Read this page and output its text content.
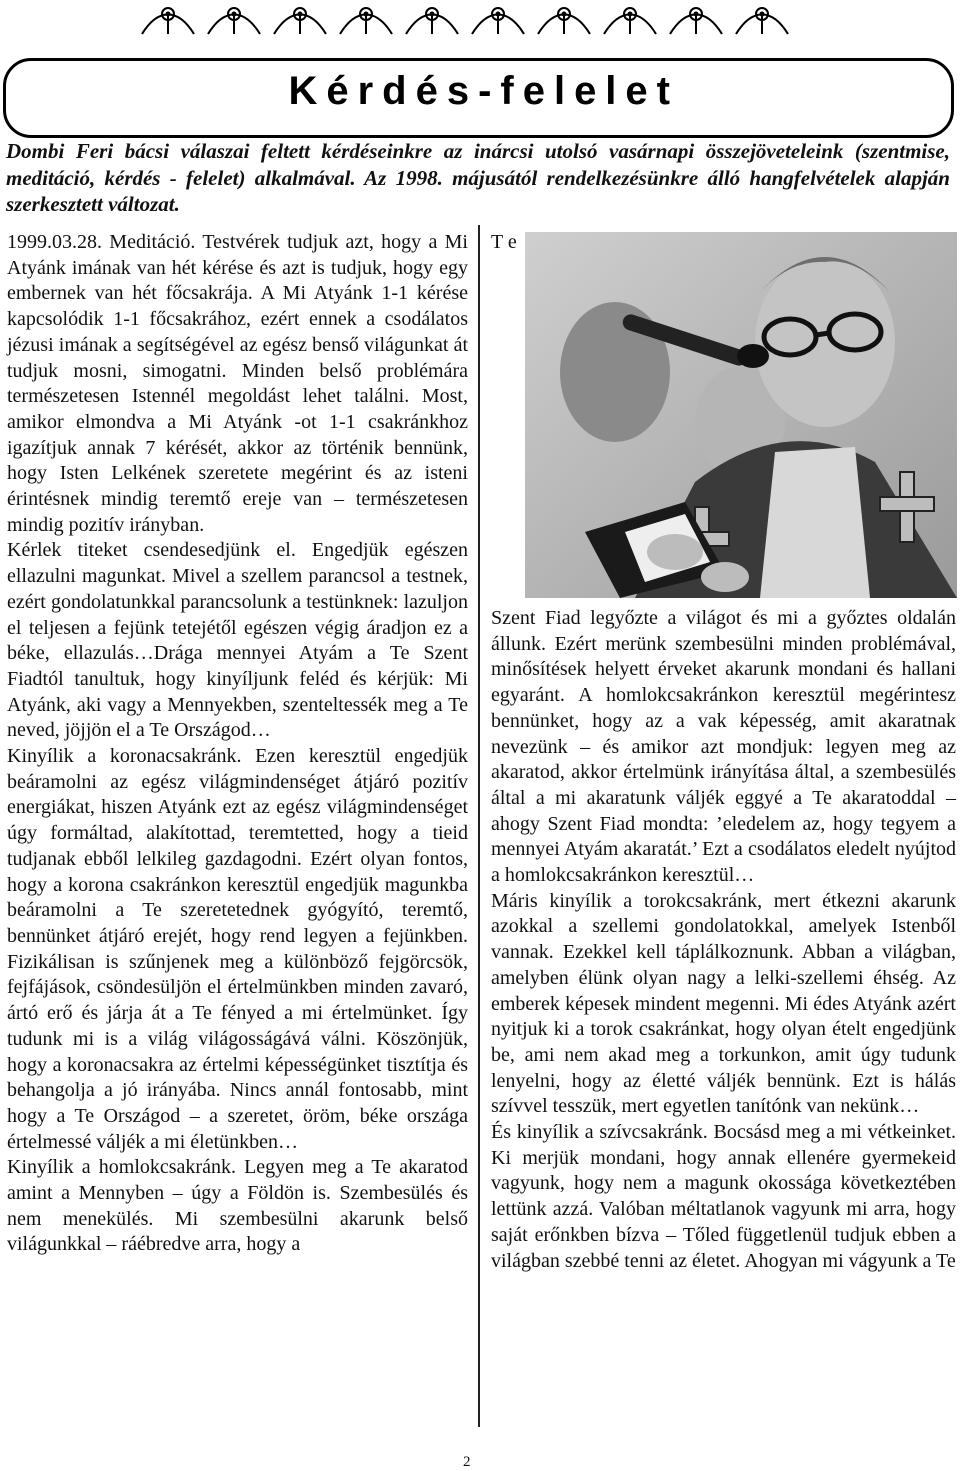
Kérdés-felelet

Dombi Feri bácsi válaszai feltett kérdéseinkre az inárcsi utolsó vasárnapi összejöveteleink (szentmise, meditáció, kérdés - felelet) alkalmával. Az 1998. májusától rendelkezésünkre álló hangfelvételek alapján szerkesztett változat.

1999.03.28. Meditáció. Testvérek tudjuk azt, hogy a Mi Atyánk imának van hét kérése és azt is tudjuk, hogy egy embernek van hét főcsakrája. A Mi Atyánk 1-1 kérése kapcsolódik 1-1 főcsakrához, ezért ennek a csodálatos jézusi imának a segítségével az egész benső világunkat át tudjuk mosni, simogatni. Minden belső problémára természetesen Istennél megoldást lehet találni. Most, amikor elmondva a Mi Atyánk -ot 1-1 csakránkhoz igazítjuk annak 7 kérését, akkor az történik bennünk, hogy Isten Lelkének szeretete megérint és az isteni érintésnek mindig teremtő ereje van – természetesen mindig pozitív irányban.

Kérlek titeket csendesedjünk el. Engedjük egészen ellazulni magunkat. Mivel a szellem parancsol a testnek, ezért gondolatunkkal parancsolunk a testünknek: lazuljon el teljesen a fejünk tetejétől egészen végig áradjon ez a béke, ellazulás…Drága mennyei Atyám a Te Szent Fiadtól tanultuk, hogy kinyíljunk feléd és kérjük: Mi Atyánk, aki vagy a Mennyekben, szenteltessék meg a Te neved, jöjjön el a Te Országod…

Kinyílik a koronacsakránk. Ezen keresztül engedjük beáramolni az egész világmindenséget átjáró pozitív energiákat, hiszen Atyánk ezt az egész világmindenséget úgy formáltad, alakítottad, teremtetted, hogy a tieid tudjanak ebből lelkileg gazdagodni. Ezért olyan fontos, hogy a korona csakránkon keresztül engedjük magunkba beáramolni a Te szeretetednek gyógyító, teremtő, bennünket átjáró erejét, hogy rend legyen a fejünkben. Fizikálisan is szűnjenek meg a különböző fejgörcsök, fejfájások, csöndesüljön el értelmünkben minden zavaró, ártó erő és járja át a Te fényed a mi értelmünket. Így tudunk mi is a világ világosságává válni. Köszönjük, hogy a koronacsakra az értelmi képességünket tisztítja és behangolja a jó irányába. Nincs annál fontosabb, mint hogy a Te Országod – a szeretet, öröm, béke országa értelmessé váljék a mi életünkben…

Kinyílik a homlokcsakránk. Legyen meg a Te akaratod amint a Mennyben – úgy a Földön is. Szembesülés és nem menekülés. Mi szembesülni akarunk belső világunkkal – ráébredve arra, hogy a

T e

Szent Fiad legyőzte a világot és mi a győztes oldalán állunk. Ezért merünk szembesülni minden problémával, minősítések helyett érveket akarunk mondani és hallani egyaránt. A homlokcsakránkon keresztül megérintesz bennünket, hogy az a vak képesség, amit akaratnak nevezünk – és amikor azt mondjuk: legyen meg az akaratod, akkor értelmünk irányítása által, a szembesülés által a mi akaratunk váljék eggyé a Te akaratoddal – ahogy Szent Fiad mondta: ’eledelem az, hogy tegyem a mennyei Atyám akaratát.’ Ezt a csodálatos eledelt nyújtod a homlokcsakránkon keresztül…

Máris kinyílik a torokcsakránk, mert étkezni akarunk azokkal a szellemi gondolatokkal, amelyek Istenből vannak. Ezekkel kell táplálkoznunk. Abban a világban, amelyben élünk olyan nagy a lelki-szellemi éhség. Az emberek képesek mindent megenni. Mi édes Atyánk azért nyitjuk ki a torok csakránkat, hogy olyan ételt engedjünk be, ami nem akad meg a torkunkon, amit úgy tudunk lenyelni, hogy az életté váljék bennünk. Ezt is hálás szívvel tesszük, mert egyetlen tanítónk van nekünk…

És kinyílik a szívcsakránk. Bocsásd meg a mi vétkeinket. Ki merjük mondani, hogy annak ellenére gyermekeid vagyunk, hogy nem a magunk okossága következtében lettünk azzá. Valóban méltatlanok vagyunk mi arra, hogy saját erőnkben bízva – Tőled függetlenül tudjuk ebben a világban szebbé tenni az életet. Ahogyan mi vágyunk a Te

2
